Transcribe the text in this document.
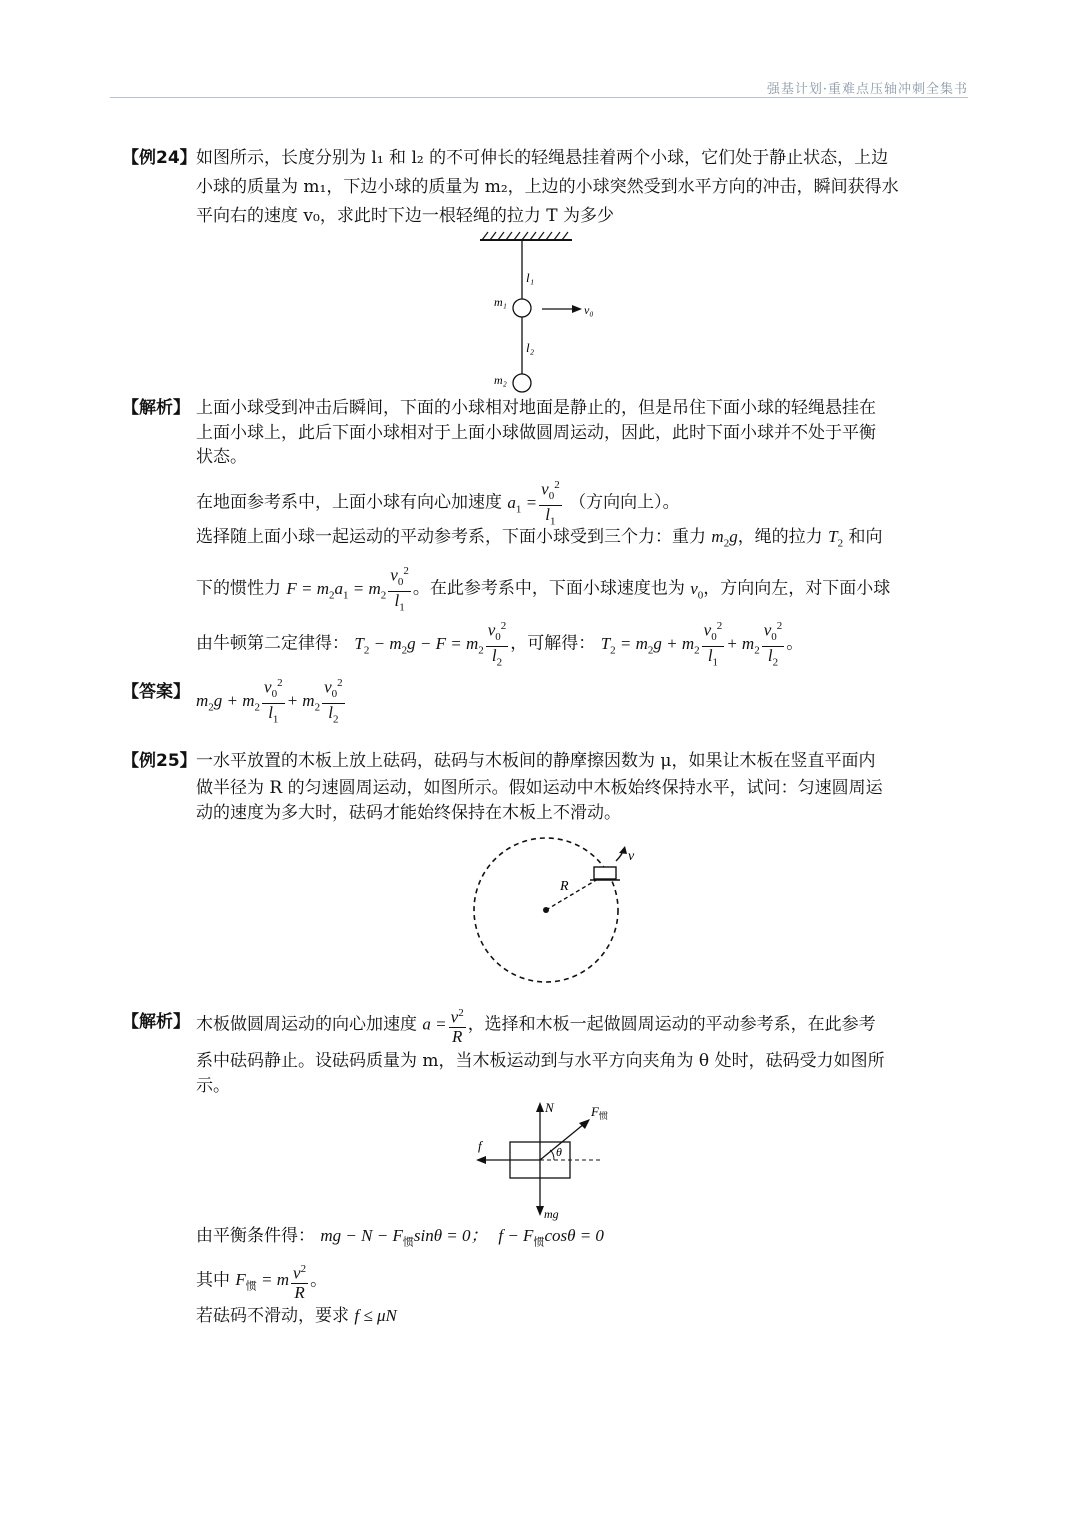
强基计划·重难点压轴冲刺全集书
【例24】 如图所示，长度分别为 l₁ 和 l₂ 的不可伸长的轻绳悬挂着两个小球，它们处于静止状态，上边
小球的质量为 m₁，下边小球的质量为 m₂，上边的小球突然受到水平方向的冲击，瞬间获得水
平向右的速度 v₀，求此时下边一根轻绳的拉力 T 为多少
l₁
l₂
m₁
m₂
v₀
【解析】 上面小球受到冲击后瞬间，下面的小球相对地面是静止的，但是吊住下面小球的轻绳悬挂在
上面小球上，此后下面小球相对于上面小球做圆周运动，因此，此时下面小球并不处于平衡
状态。
在地面参考系中，上面小球有向心加速度 $a_1 = \frac{v_0^2}{l_1}$ （方向向上）。
选择随上面小球一起运动的平动参考系，下面小球受到三个力：重力 $m_2g$，绳的拉力 $T_2$ 和向
下的惯性力 $F = m_2a_1 = m_2 \frac{v_0^2}{l_1}$ 。在此参考系中，下面小球速度也为 $v_0$，方向向左，对下面小球
由牛顿第二定律得： $T_2 - m_2g - F = m_2 \frac{v_0^2}{l_2}$ ，可解得： $T_2 = m_2g + m_2 \frac{v_0^2}{l_1} + m_2 \frac{v_0^2}{l_2}$ 。
【答案】 $m_2g + m_2 \frac{v_0^2}{l_1} + m_2 \frac{v_0^2}{l_2}$
【例25】 一水平放置的木板上放上砝码，砝码与木板间的静摩擦因数为 μ，如果让木板在竖直平面内
做半径为 R 的匀速圆周运动，如图所示。假如运动中木板始终保持水平，试问：匀速圆周运
动的速度为多大时，砝码才能始终保持在木板上不滑动。
R
v
【解析】 木板做圆周运动的向心加速度 $a = \frac{v^2}{R}$ ，选择和木板一起做圆周运动的平动参考系，在此参考
系中砝码静止。设砝码质量为 m，当木板运动到与水平方向夹角为 θ 处时，砝码受力如图所
示。
N	$F_惯$
f	θ
mg
由平衡条件得： mg − $N - F_惯\sin\theta = 0$； $f - F_惯\cos\theta = 0$
其中 $F_惯 = m \frac{v^2}{R}$ 。
若砝码不滑动，要求 f ≤ μN
